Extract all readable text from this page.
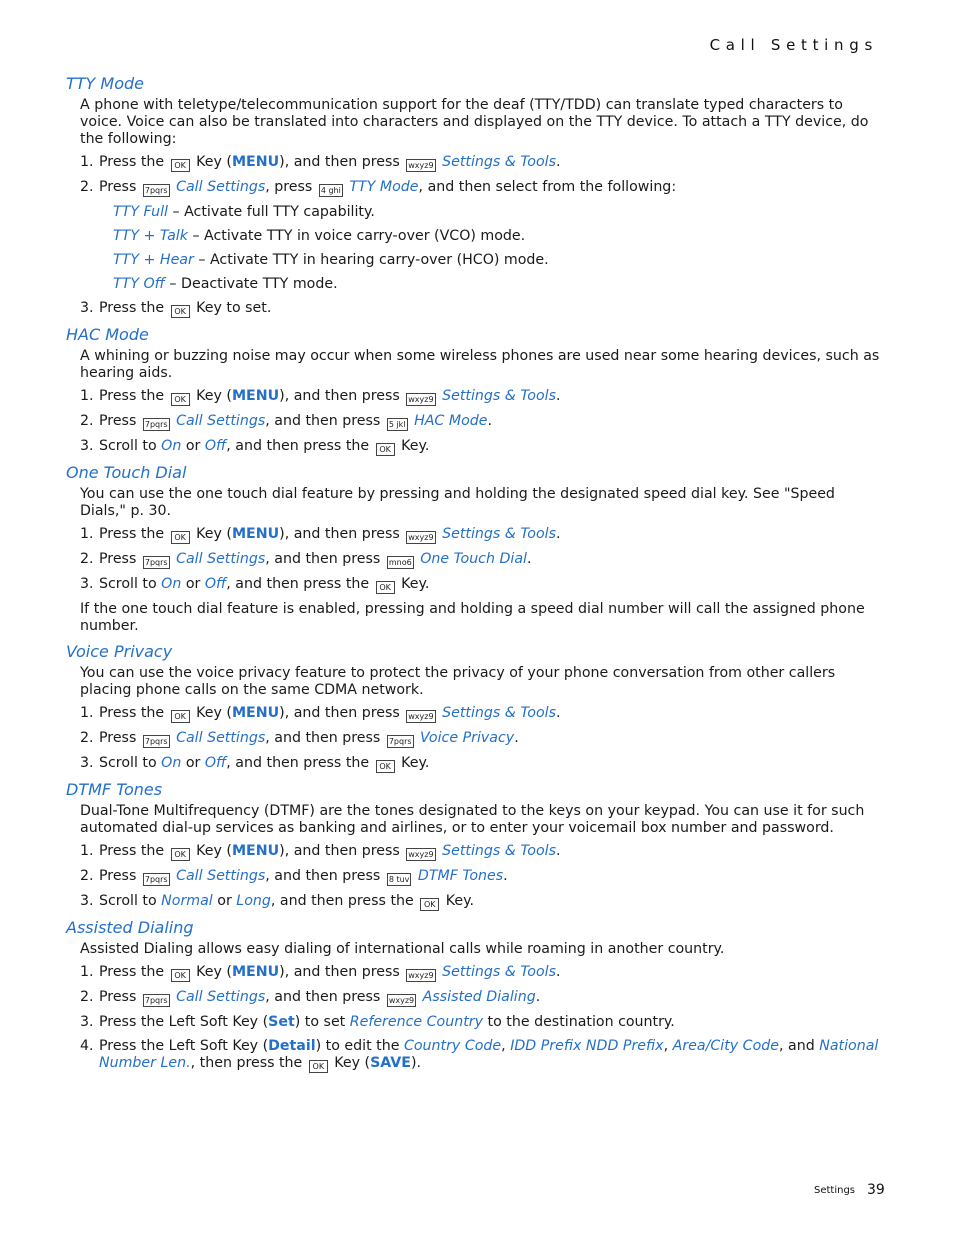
Call Settings
TTY Mode
A phone with teletype/telecommunication support for the deaf (TTY/TDD) can translate typed characters to voice. Voice can also be translated into characters and displayed on the TTY device. To attach a TTY device, do the following:
1. Press the OK Key (MENU), and then press wxyz9 Settings & Tools.
2. Press 7pqrs Call Settings, press 4 ghi TTY Mode, and then select from the following:
TTY Full – Activate full TTY capability.
TTY + Talk – Activate TTY in voice carry-over (VCO) mode.
TTY + Hear – Activate TTY in hearing carry-over (HCO) mode.
TTY Off – Deactivate TTY mode.
3. Press the OK Key to set.
HAC Mode
A whining or buzzing noise may occur when some wireless phones are used near some hearing devices, such as hearing aids.
1. Press the OK Key (MENU), and then press wxyz9 Settings & Tools.
2. Press 7pqrs Call Settings, and then press 5 jkl HAC Mode.
3. Scroll to On or Off, and then press the OK Key.
One Touch Dial
You can use the one touch dial feature by pressing and holding the designated speed dial key. See "Speed Dials," p. 30.
1. Press the OK Key (MENU), and then press wxyz9 Settings & Tools.
2. Press 7pqrs Call Settings, and then press mno6 One Touch Dial.
3. Scroll to On or Off, and then press the OK Key.
If the one touch dial feature is enabled, pressing and holding a speed dial number will call the assigned phone number.
Voice Privacy
You can use the voice privacy feature to protect the privacy of your phone conversation from other callers placing phone calls on the same CDMA network.
1. Press the OK Key (MENU), and then press wxyz9 Settings & Tools.
2. Press 7pqrs Call Settings, and then press 7pqrs Voice Privacy.
3. Scroll to On or Off, and then press the OK Key.
DTMF Tones
Dual-Tone Multifrequency (DTMF) are the tones designated to the keys on your keypad. You can use it for such automated dial-up services as banking and airlines, or to enter your voicemail box number and password.
1. Press the OK Key (MENU), and then press wxyz9 Settings & Tools.
2. Press 7pqrs Call Settings, and then press 8 tuv DTMF Tones.
3. Scroll to Normal or Long, and then press the OK Key.
Assisted Dialing
Assisted Dialing allows easy dialing of international calls while roaming in another country.
1. Press the OK Key (MENU), and then press wxyz9 Settings & Tools.
2. Press 7pqrs Call Settings, and then press wxyz9 Assisted Dialing.
3. Press the Left Soft Key (Set) to set Reference Country to the destination country.
4. Press the Left Soft Key (Detail) to edit the Country Code, IDD Prefix NDD Prefix, Area/City Code, and National Number Len., then press the OK Key (SAVE).
Settings 39
